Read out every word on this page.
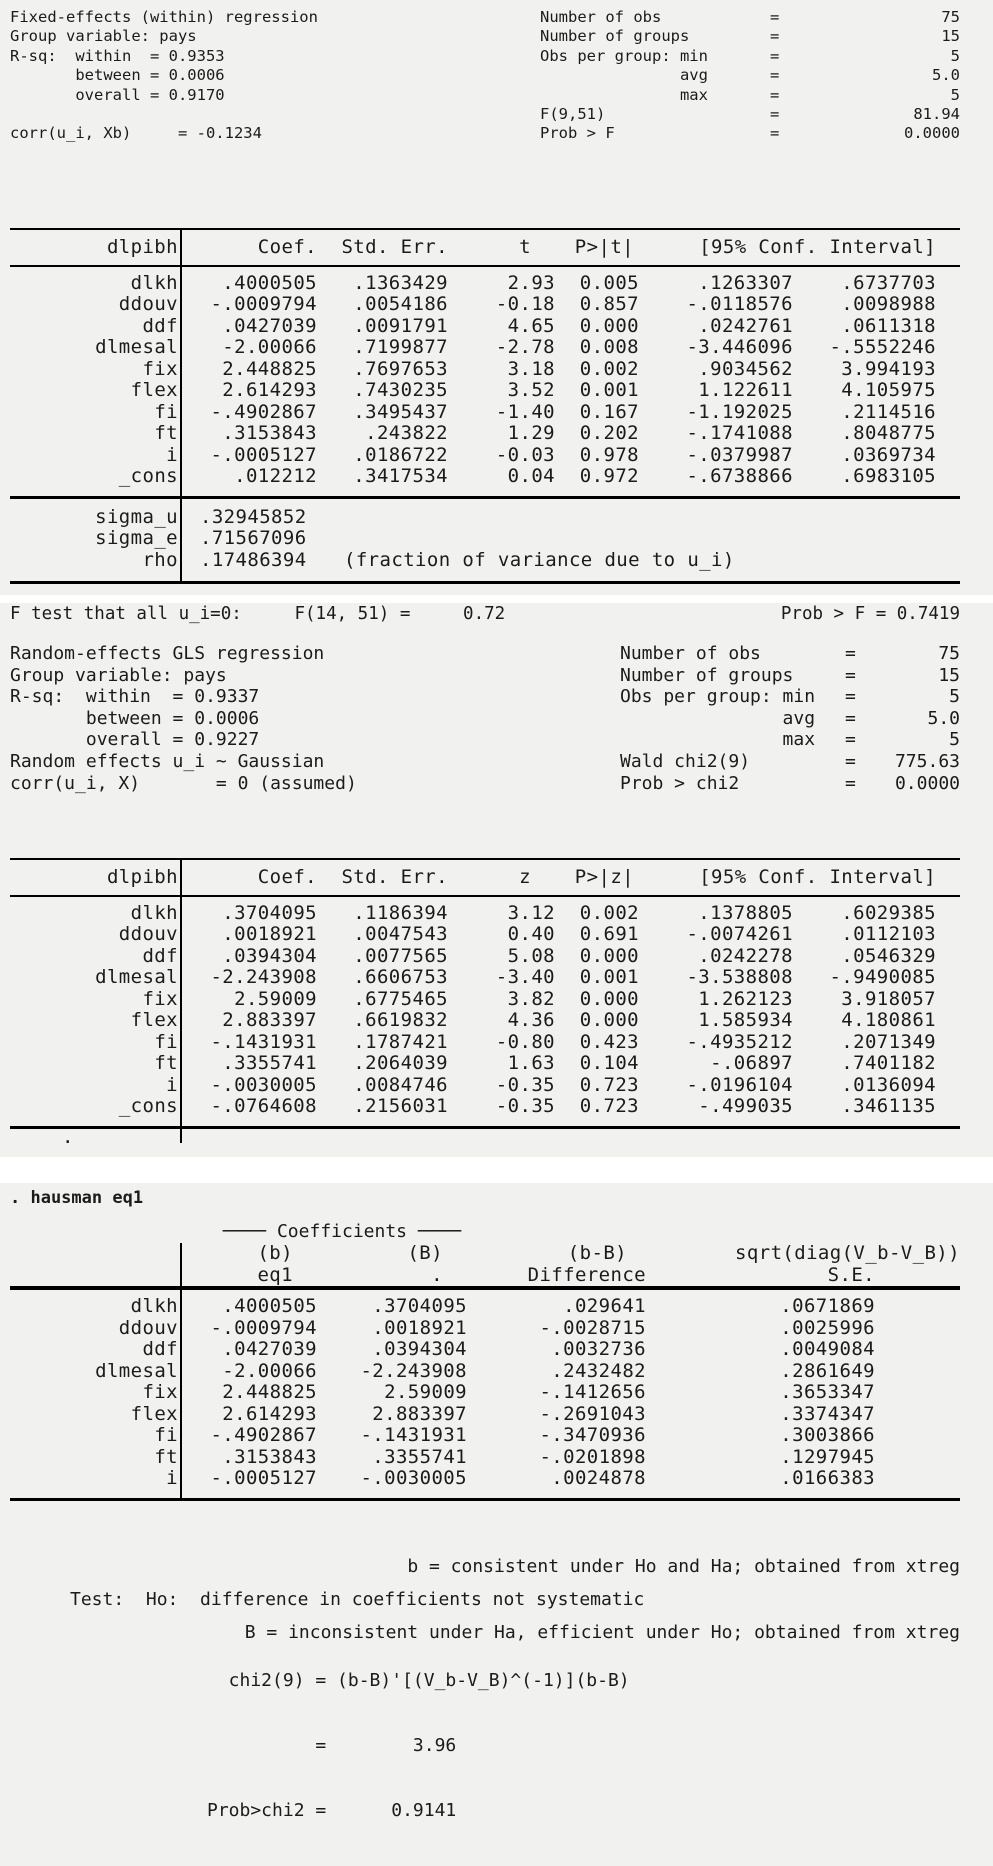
Fixed-effects (within) regression	Number of obs	=	75
Group variable: pays	Number of groups	=	15
R-sq:  within  = 0.9353	Obs per group: min	=	5
between = 0.0006	avg	=	5.0
overall = 0.9170	max	=	5
F(9,51)	=	81.94
corr(u_i, Xb)     = -0.1234	Prob > F	=	0.0000
dlpibh	Coef.	Std. Err.	t	P>|t|	[95% Conf. Interval]
dlkh	.4000505	.1363429	2.93	0.005	.1263307	.6737703
ddouv	-.0009794	.0054186	-0.18	0.857	-.0118576	.0098988
ddf	.0427039	.0091791	4.65	0.000	.0242761	.0611318
dlmesal	-2.00066	.7199877	-2.78	0.008	-3.446096	-.5552246
fix	2.448825	.7697653	3.18	0.002	.9034562	3.994193
flex	2.614293	.7430235	3.52	0.001	1.122611	4.105975
fi	-.4902867	.3495437	-1.40	0.167	-1.192025	.2114516
ft	.3153843	.243822	1.29	0.202	-.1741088	.8048775
i	-.0005127	.0186722	-0.03	0.978	-.0379987	.0369734
_cons	.012212	.3417534	0.04	0.972	-.6738866	.6983105
sigma_u	.32945852
sigma_e	.71567096
rho	.17486394	(fraction of variance due to u_i)
F test that all u_i=0:     F(14, 51) =     0.72	Prob > F = 0.7419
Random-effects GLS regression	Number of obs	=	75
Group variable: pays	Number of groups	=	15
R-sq:  within  = 0.9337	Obs per group: min	=	5
between = 0.0006	avg	=	5.0
overall = 0.9227	max	=	5
Random effects u_i ~ Gaussian	Wald chi2(9)	=	775.63
corr(u_i, X)       = 0 (assumed)	Prob > chi2	=	0.0000
dlpibh	Coef.	Std. Err.	z	P>|z|	[95% Conf. Interval]
dlkh	.3704095	.1186394	3.12	0.002	.1378805	.6029385
ddouv	.0018921	.0047543	0.40	0.691	-.0074261	.0112103
ddf	.0394304	.0077565	5.08	0.000	.0242278	.0546329
dlmesal	-2.243908	.6606753	-3.40	0.001	-3.538808	-.9490085
fix	2.59009	.6775465	3.82	0.000	1.262123	3.918057
flex	2.883397	.6619832	4.36	0.000	1.585934	4.180861
fi	-.1431931	.1787421	-0.80	0.423	-.4935212	.2071349
ft	.3355741	.2064039	1.63	0.104	-.06897	.7401182
i	-.0030005	.0084746	-0.35	0.723	-.0196104	.0136094
_cons	-.0764608	.2156031	-0.35	0.723	-.499035	.3461135
.
. hausman eq1
──── Coefficients ────
(b)	(B)	(b-B)	sqrt(diag(V_b-V_B))
eq1	.	Difference	S.E.
dlkh	.4000505	.3704095	.029641	.0671869
ddouv	-.0009794	.0018921	-.0028715	.0025996
ddf	.0427039	.0394304	.0032736	.0049084
dlmesal	-2.00066	-2.243908	.2432482	.2861649
fix	2.448825	2.59009	-.1412656	.3653347
flex	2.614293	2.883397	-.2691043	.3374347
fi	-.4902867	-.1431931	-.3470936	.3003866
ft	.3153843	.3355741	-.0201898	.1297945
i	-.0005127	-.0030005	.0024878	.0166383

b = consistent under Ho and Ha; obtained from xtreg

B = inconsistent under Ha, efficient under Ho; obtained from xtreg

Test:  Ho:  difference in coefficients not systematic

chi2(9) = (b-B)'[(V_b-V_B)^(-1)](b-B)

=        3.96

Prob>chi2 =      0.9141
